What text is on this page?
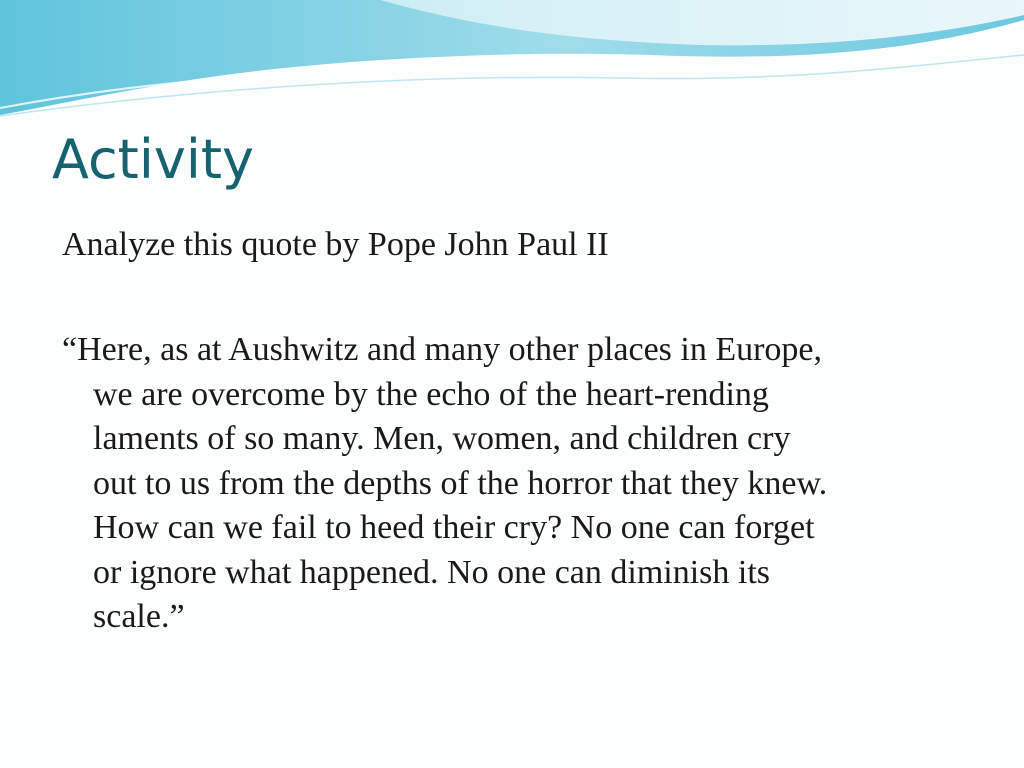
Activity

Analyze this quote by Pope John Paul II

“Here, as at Aushwitz and many other places in Europe,
we are overcome by the echo of the heart-rending
laments of so many. Men, women, and children cry
out to us from the depths of the horror that they knew.
How can we fail to heed their cry? No one can forget
or ignore what happened. No one can diminish its
scale.”
